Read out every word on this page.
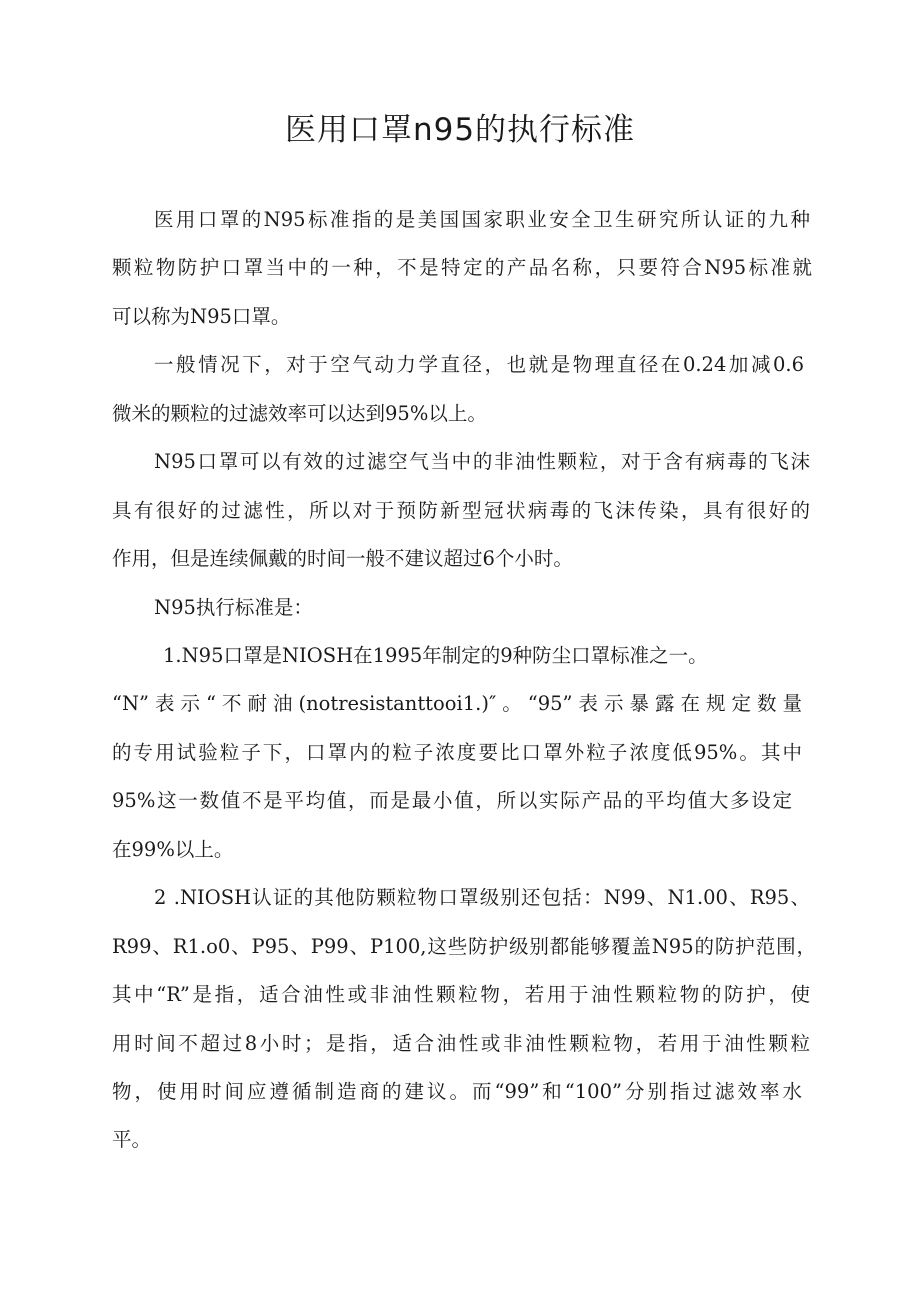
医用口罩n95的执行标准
医用口罩的N95标准指的是美国国家职业安全卫生研究所认证的九种
颗粒物防护口罩当中的一种，不是特定的产品名称，只要符合N95标准就
可以称为N95口罩。
一般情况下，对于空气动力学直径，也就是物理直径在0.24加减0.6
微米的颗粒的过滤效率可以达到95%以上。
N95口罩可以有效的过滤空气当中的非油性颗粒，对于含有病毒的飞沫
具有很好的过滤性，所以对于预防新型冠状病毒的飞沫传染，具有很好的
作用，但是连续佩戴的时间一般不建议超过6个小时。
N95执行标准是：
1.N95口罩是NIOSH在1995年制定的9种防尘口罩标准之一。
“N”表示“不耐油(notresistanttooi1.)″。“95”表示暴露在规定数量
的专用试验粒子下，口罩内的粒子浓度要比口罩外粒子浓度低95%。其中
95%这一数值不是平均值，而是最小值，所以实际产品的平均值大多设定
在99%以上。
2 .NIOSH认证的其他防颗粒物口罩级别还包括：N99、N1.00、R95、
R99、R1.o0、P95、P99、P100,这些防护级别都能够覆盖N95的防护范围，
其中“R”是指，适合油性或非油性颗粒物，若用于油性颗粒物的防护，使
用时间不超过8小时；是指，适合油性或非油性颗粒物，若用于油性颗粒
物，使用时间应遵循制造商的建议。而“99”和“100”分别指过滤效率水
平。
